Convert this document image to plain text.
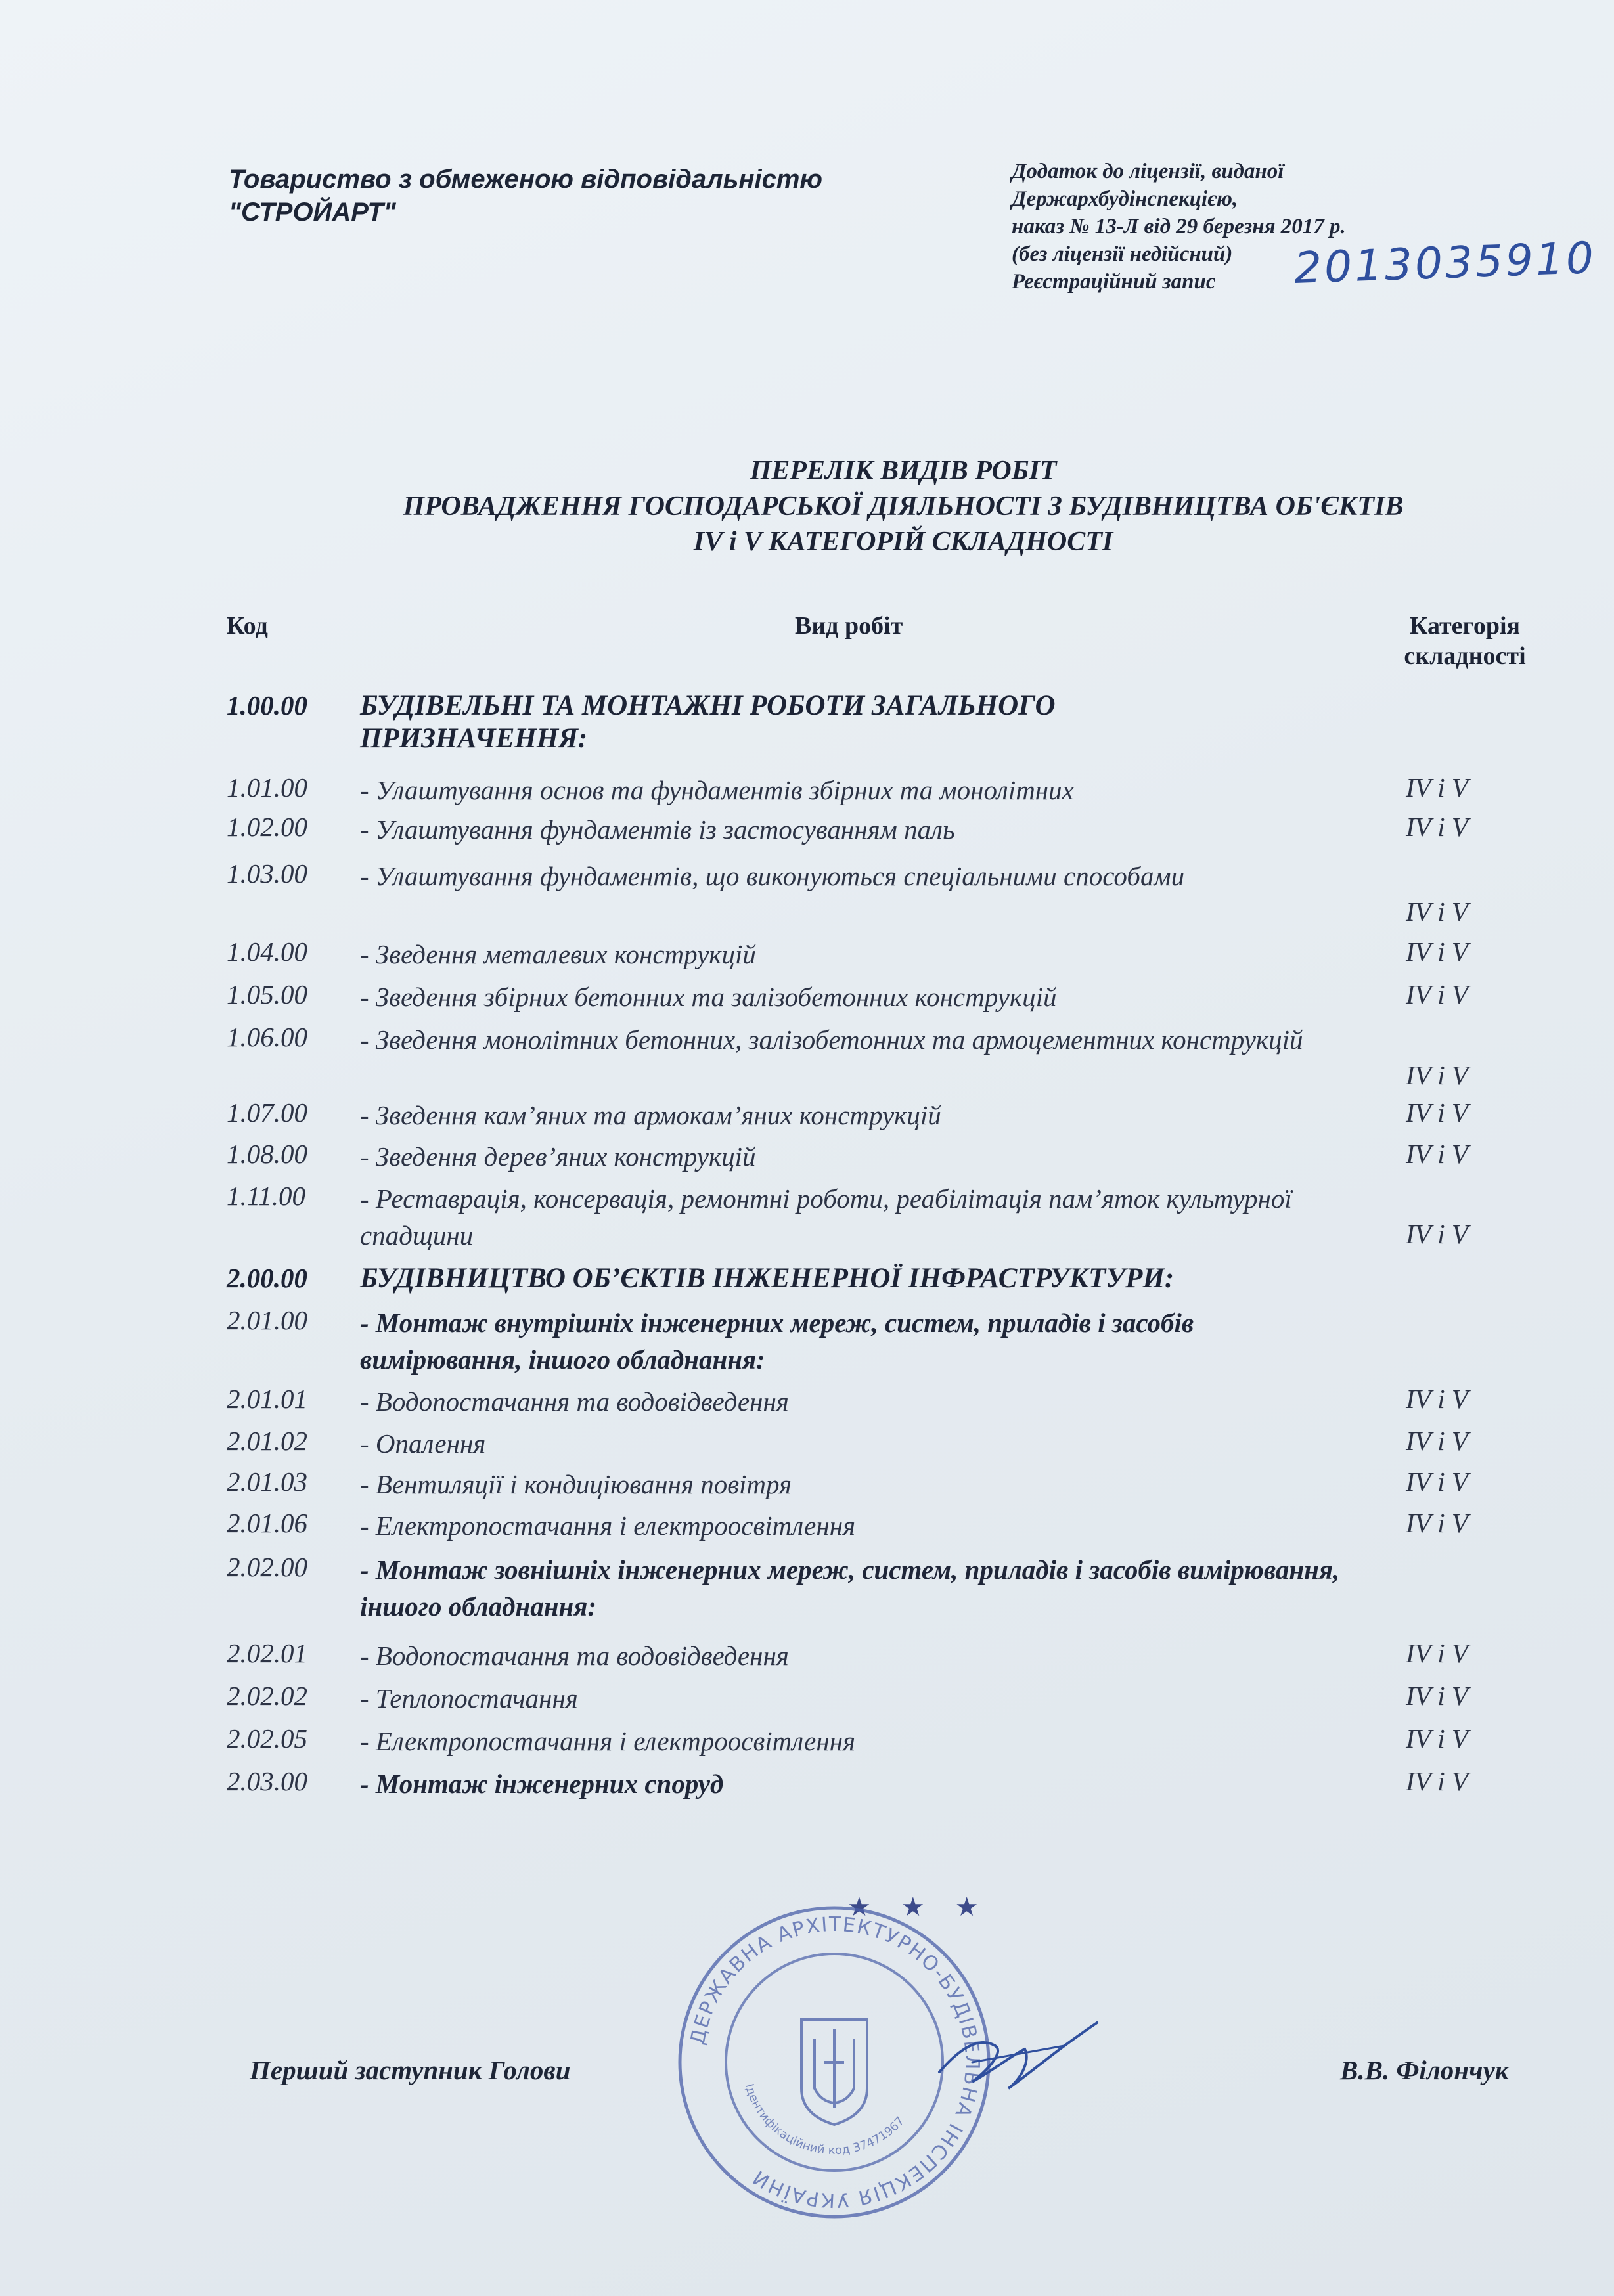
Товариство з обмеженою відповідальністю
"СТРОЙАРТ"
Додаток до ліцензії, виданої
Держархбудінспекцією,
наказ № 13-Л від 29 березня 2017 р.
(без ліцензії недійсний)
Реєстраційний запис 2013035910
ПЕРЕЛІК ВИДІВ РОБІТ
ПРОВАДЖЕННЯ ГОСПОДАРСЬКОЇ ДІЯЛЬНОСТІ З БУДІВНИЦТВА ОБ'ЄКТІВ
IV і V КАТЕГОРІЙ СКЛАДНОСТІ
Код	Вид робіт	Категорія
складності
1.00.00 БУДІВЕЛЬНІ ТА МОНТАЖНІ РОБОТИ ЗАГАЛЬНОГО ПРИЗНАЧЕННЯ:
1.01.00 - Улаштування основ та фундаментів збірних та монолітних	IV і V
1.02.00 - Улаштування фундаментів із застосуванням паль	IV і V
1.03.00 - Улаштування фундаментів, що виконуються спеціальними способами
IV і V
1.04.00 - Зведення металевих конструкцій	IV і V
1.05.00 - Зведення збірних бетонних та залізобетонних конструкцій	IV і V
1.06.00 - Зведення монолітних бетонних, залізобетонних та армоцементних конструкцій
IV і V
1.07.00 - Зведення кам’яних та армокам’яних конструкцій	IV і V
1.08.00 - Зведення дерев’яних конструкцій	IV і V
1.11.00 - Реставрація, консервація, ремонтні роботи, реабілітація пам’яток культурної спадщини	IV і V
2.00.00 БУДІВНИЦТВО ОБ’ЄКТІВ ІНЖЕНЕРНОЇ ІНФРАСТРУКТУРИ:
2.01.00 - Монтаж внутрішніх інженерних мереж, систем, приладів і засобів вимірювання, іншого обладнання:
2.01.01 - Водопостачання та водовідведення	IV і V
2.01.02 - Опалення	IV і V
2.01.03 - Вентиляції і кондиціювання повітря	IV і V
2.01.06 - Електропостачання і електроосвітлення	IV і V
2.02.00 - Монтаж зовнішніх інженерних мереж, систем, приладів і засобів вимірювання, іншого обладнання:
2.02.01 - Водопостачання та водовідведення	IV і V
2.02.02 - Теплопостачання	IV і V
2.02.05 - Електропостачання і електроосвітлення	IV і V
2.03.00 - Монтаж інженерних споруд	IV і V
★ ★ ★
ДЕРЖАВНА АРХІТЕКТУРНО-БУДІВЕЛЬНА ІНСПЕКЦІЯ УКРАЇНИ
Ідентифікаційний код 37471967
Перший заступник Голови	В.В. Філончук
